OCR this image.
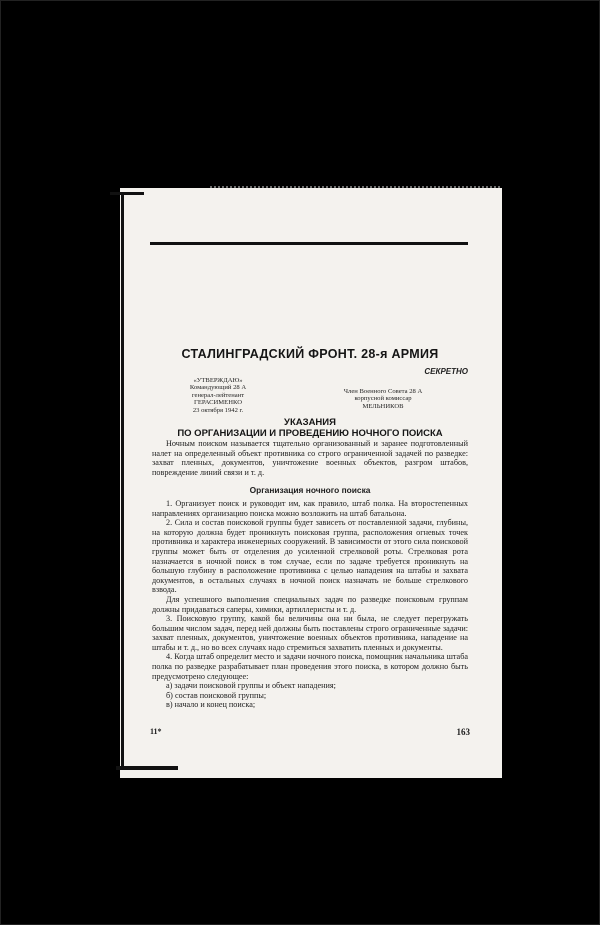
СТАЛИНГРАДСКИЙ ФРОНТ. 28-я АРМИЯ
СЕКРЕТНО
«УТВЕРЖДАЮ»
Командующий 28 А
генерал-лейтенант
ГЕРАСИМЕНКО
23 октября 1942 г.
Член Военного Совета 28 А
корпусной комиссар
МЕЛЬНИКОВ
УКАЗАНИЯ
ПО ОРГАНИЗАЦИИ И ПРОВЕДЕНИЮ НОЧНОГО ПОИСКА

Ночным поиском называется тщательно организованный и заранее подготовленный налет на определенный объект противника со строго ограниченной задачей по разведке: захват пленных, документов, уничтожение военных объектов, разгром штабов, повреждение линий связи и т. д.

Организация ночного поиска

1. Организует поиск и руководит им, как правило, штаб полка. На второстепенных направлениях организацию поиска можно возложить на штаб батальона.

2. Сила и состав поисковой группы будет зависеть от поставленной задачи, глубины, на которую должна будет проникнуть поисковая группа, расположения огневых точек противника и характера инженерных сооружений. В зависимости от этого сила поисковой группы может быть от отделения до усиленной стрелковой роты. Стрелковая рота назначается в ночной поиск в том случае, если по задаче требуется проникнуть на большую глубину в расположение противника с целью нападения на штабы и захвата документов, в остальных случаях в ночной поиск назначать не больше стрелкового взвода.

Для успешного выполнения специальных задач по разведке поисковым группам должны придаваться саперы, химики, артиллеристы и т. д.

3. Поисковую группу, какой бы величины она ни была, не следует перегружать большим числом задач, перед ней должны быть поставлены строго ограниченные задачи: захват пленных, документов, уничтожение военных объектов противника, нападение на штабы и т. д., но во всех случаях надо стремиться захватить пленных и документы.

4. Когда штаб определит место и задачи ночного поиска, помощник начальника штаба полка по разведке разрабатывает план проведения этого поиска, в котором должно быть предусмотрено следующее:

а) задачи поисковой группы и объект нападения;
б) состав поисковой группы;
в) начало и конец поиска;
11*	163
